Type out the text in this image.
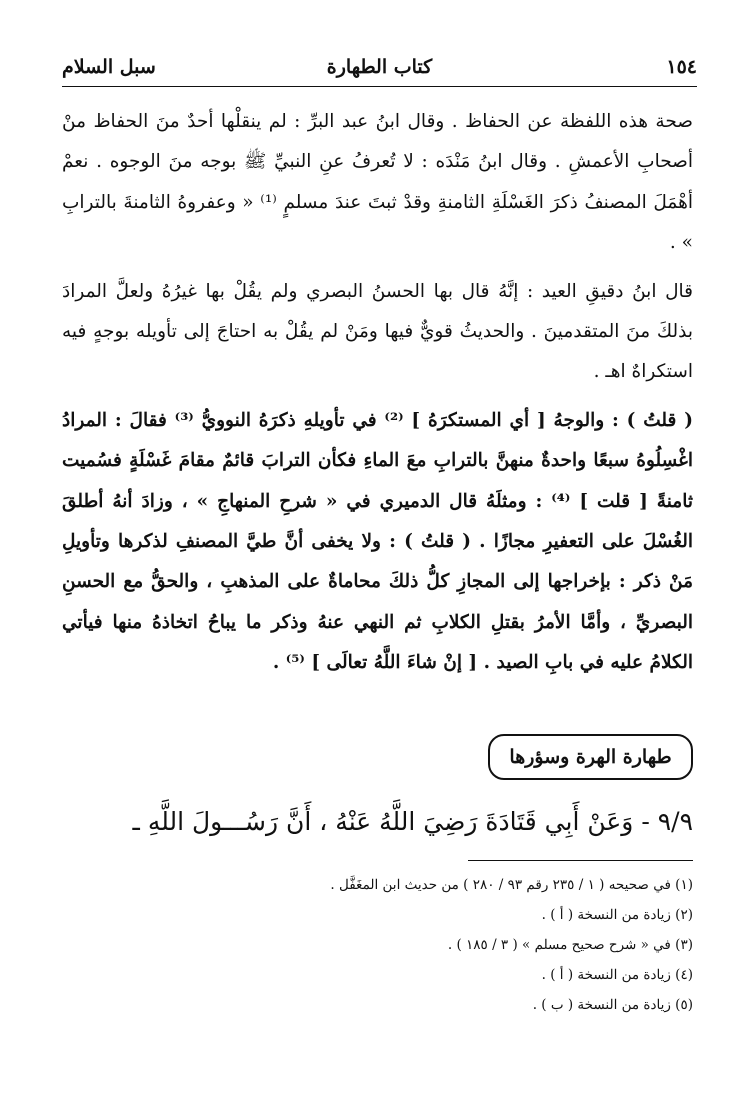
١٥٤
كتاب الطهارة
سبل السلام

صحة هذه اللفظة عن الحفاظ . وقال ابنُ عبد البرِّ : لم ينقلْها أحدٌ منَ الحفاظ منْ أصحابِ الأعمشِ . وقال ابنُ مَنْدَه : لا تُعرفُ عنِ النبيِّ ﷺ بوجه منَ الوجوه . نعمْ أهْمَلَ المصنفُ ذكرَ الغَسْلَةِ الثامنةِ وقدْ ثبتَ عندَ مسلمٍ ⁽¹⁾ « وعفروهُ الثامنةَ بالترابِ » .

قال ابنُ دقيقِ العيد : إنَّهُ قال بها الحسنُ البصري ولم يقُلْ بها غيرُهُ ولعلَّ المرادَ بذلكَ منَ المتقدمينَ . والحديثُ قويٌّ فيها ومَنْ لم يقُلْ به احتاجَ إلى تأويله بوجهٍ فيه استكراهٌ اهـ .

( قلتُ ) : والوجهُ [ أي المستكرَهُ ] ⁽²⁾ في تأويلهِ ذكرَهُ النوويُّ ⁽³⁾ فقالَ : المرادُ اغْسِلُوهُ سبعًا واحدةٌ منهنَّ بالترابِ معَ الماءِ فكأن الترابَ قائمٌ مقامَ غَسْلَةٍ فسُميت ثامنةً [ قلت ] ⁽⁴⁾ : ومثلَهُ قال الدميري في « شرحِ المنهاجِ » ، وزادَ أنهُ أطلقَ الغُسْلَ على التعفيرِ مجازًا . ( قلتُ ) : ولا يخفى أنَّ طيَّ المصنفِ لذكرها وتأويلِ مَنْ ذكر : بإخراجها إلى المجازِ كلُّ ذلكَ محاماةٌ على المذهبِ ، والحقُّ مع الحسنِ البصريِّ ، وأمَّا الأمرُ بقتلِ الكلابِ ثم النهي عنهُ وذكر ما يباحُ اتخاذهُ منها فيأتي الكلامُ عليه في بابِ الصيد . [ إنْ شاءَ اللَّهُ تعالَى ] ⁽⁵⁾ .

طهارة الهرة وسؤرها
٩/٩ - وَعَنْ أَبِي قَتَادَةَ رَضِيَ اللَّهُ عَنْهُ ، أَنَّ رَسُـــولَ اللَّهِ ـ
(١) في صحيحه ( ١ / ٢٣٥ رقم ٩٣ / ٢٨٠ ) من حديث ابن المغَفَّل .
(٢) زيادة من النسخة ( أ ) .
(٣) في « شرح صحيح مسلم » ( ٣ / ١٨٥ ) .
(٤) زيادة من النسخة ( أ ) .
(٥) زيادة من النسخة ( ب ) .
